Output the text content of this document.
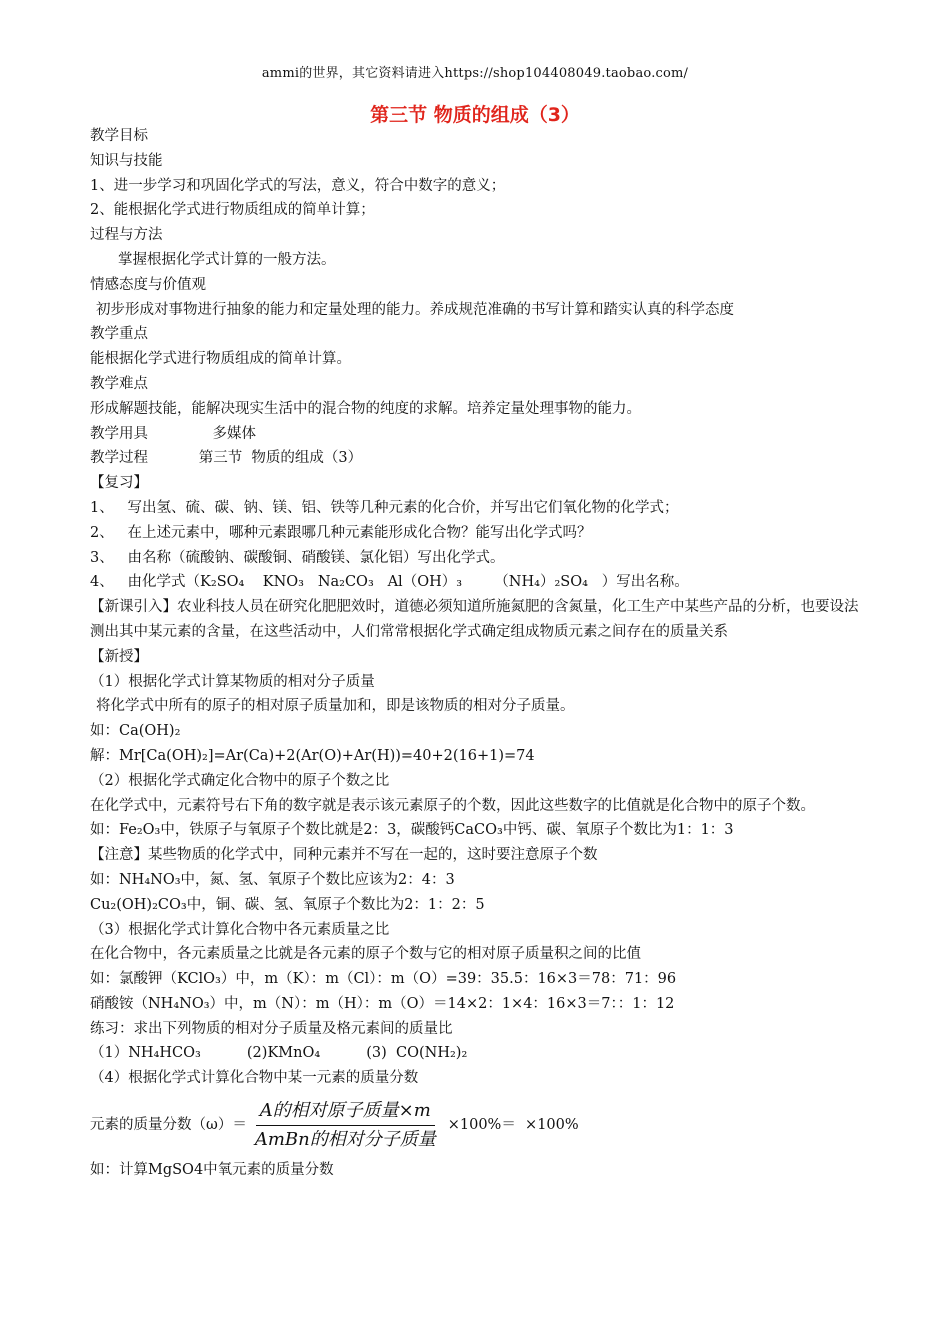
ammi的世界，其它资料请进入https://shop104408049.taobao.com/
第三节 物质的组成（3）
教学目标
知识与技能
1、进一步学习和巩固化学式的写法，意义，符合中数字的意义；
2、能根据化学式进行物质组成的简单计算；
过程与方法
掌握根据化学式计算的一般方法。
情感态度与价值观
初步形成对事物进行抽象的能力和定量处理的能力。养成规范准确的书写计算和踏实认真的科学态度
教学重点
能根据化学式进行物质组成的简单计算。
教学难点
形成解题技能，能解决现实生活中的混合物的纯度的求解。培养定量处理事物的能力。
教学用具              多媒体
教学过程           第三节  物质的组成（3）
【复习】
1、   写出氢、硫、碳、钠、镁、铝、铁等几种元素的化合价，并写出它们氧化物的化学式；
2、   在上述元素中，哪种元素跟哪几种元素能形成化合物？能写出化学式吗？
3、   由名称（硫酸钠、碳酸铜、硝酸镁、氯化铝）写出化学式。
4、   由化学式（K₂SO₄    KNO₃   Na₂CO₃   Al（OH）₃       （NH₄）₂SO₄   ）写出名称。
【新课引入】农业科技人员在研究化肥肥效时，道德必须知道所施氮肥的含氮量，化工生产中某些产品的分析，也要设法测出其中某元素的含量，在这些活动中，人们常常根据化学式确定组成物质元素之间存在的质量关系
【新授】
（1）根据化学式计算某物质的相对分子质量
将化学式中所有的原子的相对原子质量加和，即是该物质的相对分子质量。
如：Ca(OH)₂
解：Mr[Ca(OH)₂]=Ar(Ca)+2(Ar(O)+Ar(H))=40+2(16+1)=74
（2）根据化学式确定化合物中的原子个数之比
在化学式中，元素符号右下角的数字就是表示该元素原子的个数，因此这些数字的比值就是化合物中的原子个数。
如：Fe₂O₃中，铁原子与氧原子个数比就是2：3，碳酸钙CaCO₃中钙、碳、氧原子个数比为1：1：3
【注意】某些物质的化学式中，同种元素并不写在一起的，这时要注意原子个数
如：NH₄NO₃中，氮、氢、氧原子个数比应该为2：4：3
Cu₂(OH)₂CO₃中，铜、碳、氢、氧原子个数比为2：1：2：5
（3）根据化学式计算化合物中各元素质量之比
在化合物中，各元素质量之比就是各元素的原子个数与它的相对原子质量积之间的比值
如：氯酸钾（KClO₃）中，m（K）：m（Cl）：m（O）=39：35.5：16×3＝78：71：96
硝酸铵（NH₄NO₃）中，m（N）：m（H）：m（O）＝14×2：1×4：16×3＝7：：1：12
练习：求出下列物质的相对分子质量及格元素间的质量比
（1）NH₄HCO₃          (2)KMnO₄          (3)  CO(NH₂)₂
（4）根据化学式计算化合物中某一元素的质量分数
元素的质量分数$(\omega)= \frac{\text{A的相对原子质量×m}}{\text{AmBn的相对分子质量}} \times 100\%= \times 100\%$
如：计算MgSO4中氧元素的质量分数
